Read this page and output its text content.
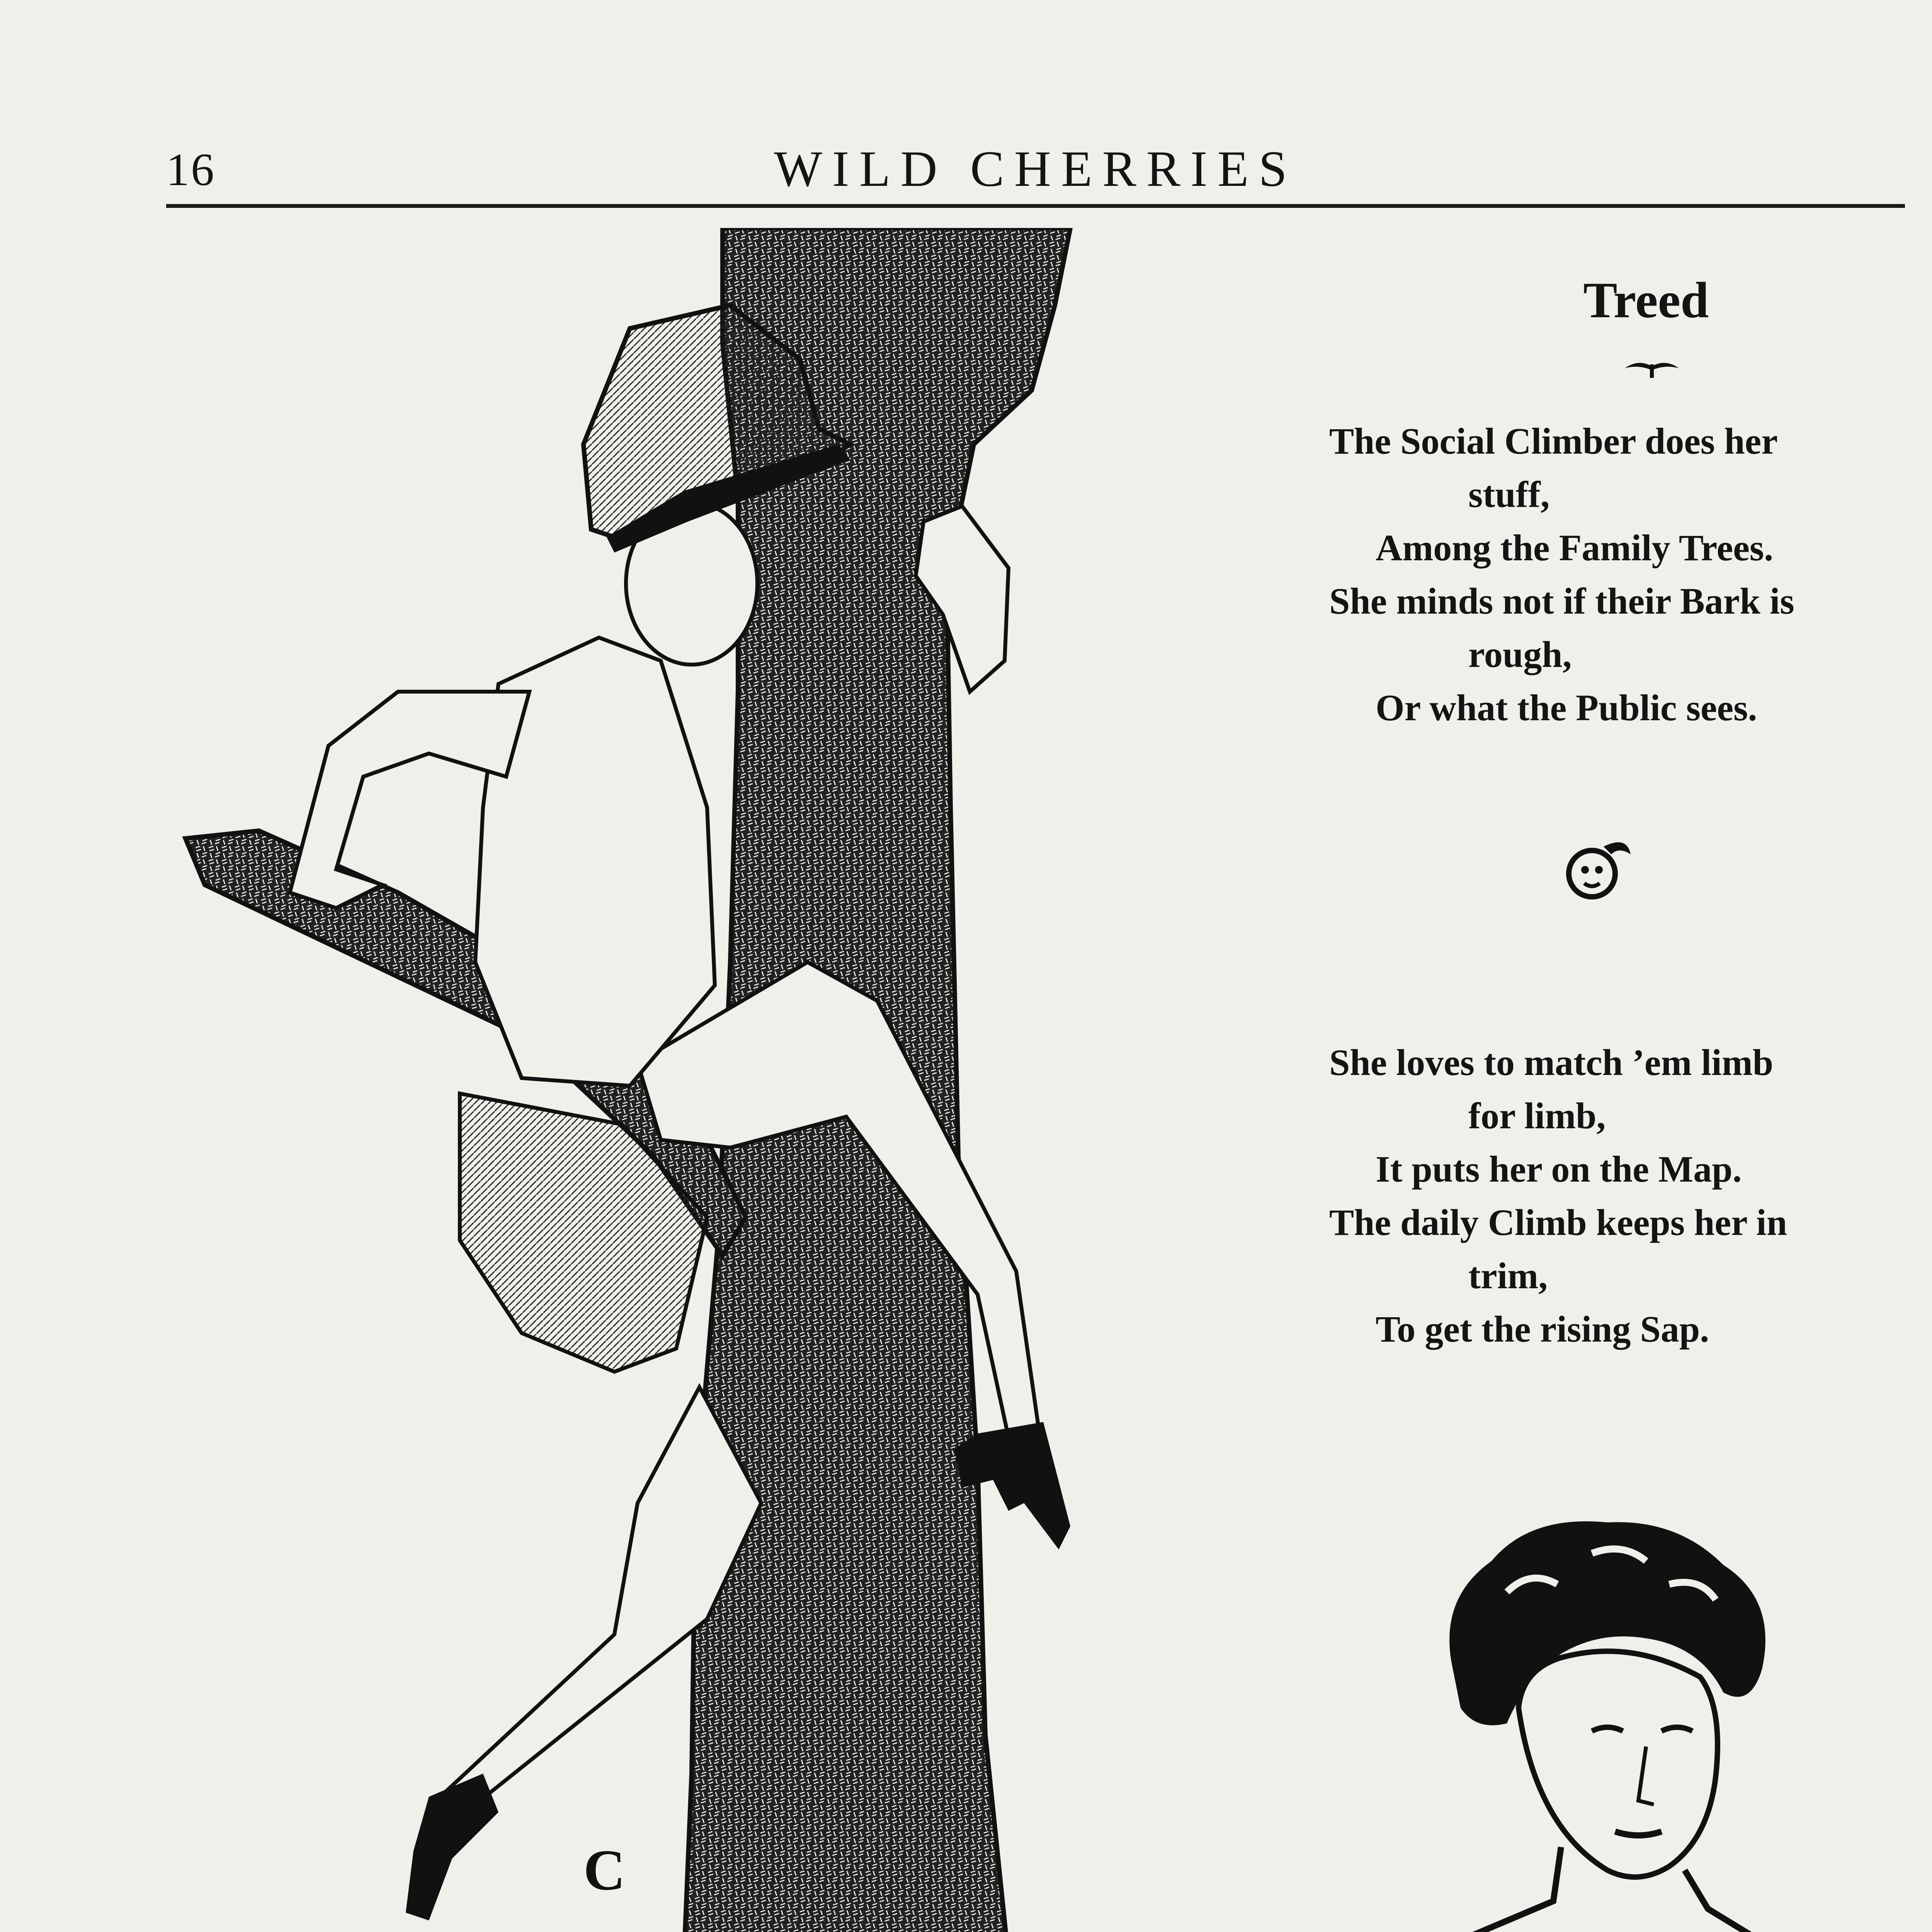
16	WILD CHERRIES
C
Treed
The Social Climber does her
stuff,
Among the Family Trees.
She minds not if their Bark is
rough,
Or what the Public sees.
She loves to match ’em limb
for limb,
It puts her on the Map.
The daily Climb keeps her in
trim,
To get the rising Sap.
